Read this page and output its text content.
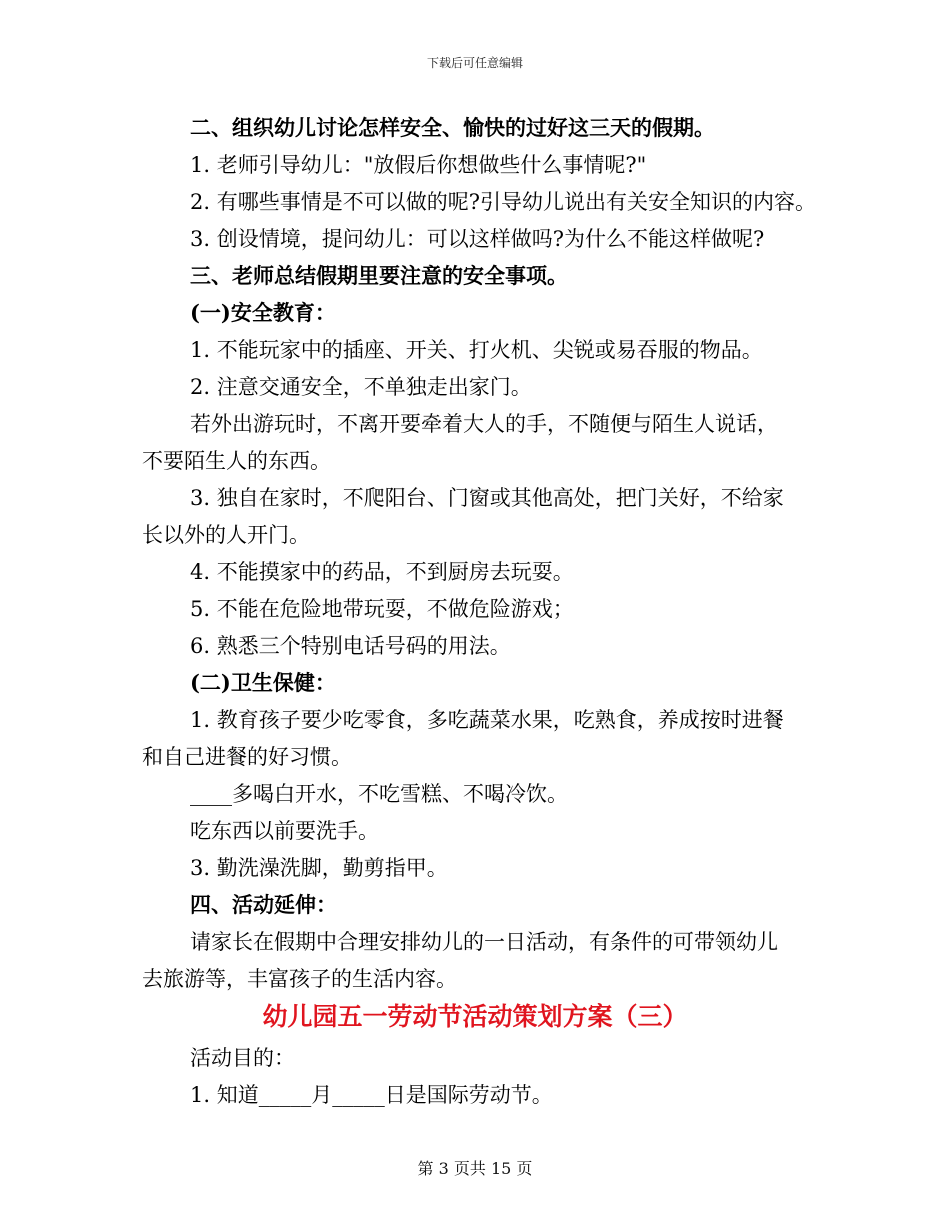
下载后可任意编辑
二、组织幼儿讨论怎样安全、愉快的过好这三天的假期。
1. 老师引导幼儿："放假后你想做些什么事情呢?"
2. 有哪些事情是不可以做的呢?引导幼儿说出有关安全知识的内容。
3. 创设情境，提问幼儿：可以这样做吗?为什么不能这样做呢?
三、老师总结假期里要注意的安全事项。
(一)安全教育：
1. 不能玩家中的插座、开关、打火机、尖锐或易吞服的物品。
2. 注意交通安全，不单独走出家门。
若外出游玩时，不离开要牵着大人的手，不随便与陌生人说话，
不要陌生人的东西。
3. 独自在家时，不爬阳台、门窗或其他高处，把门关好，不给家
长以外的人开门。
4. 不能摸家中的药品，不到厨房去玩耍。
5. 不能在危险地带玩耍，不做危险游戏；
6. 熟悉三个特别电话号码的用法。
(二)卫生保健：
1. 教育孩子要少吃零食，多吃蔬菜水果，吃熟食，养成按时进餐
和自己进餐的好习惯。
____多喝白开水，不吃雪糕、不喝冷饮。
吃东西以前要洗手。
3. 勤洗澡洗脚，勤剪指甲。
四、活动延伸：
请家长在假期中合理安排幼儿的一日活动，有条件的可带领幼儿
去旅游等，丰富孩子的生活内容。
幼儿园五一劳动节活动策划方案（三）
活动目的：
1. 知道_____月_____日是国际劳动节。
第 3 页共 15 页
